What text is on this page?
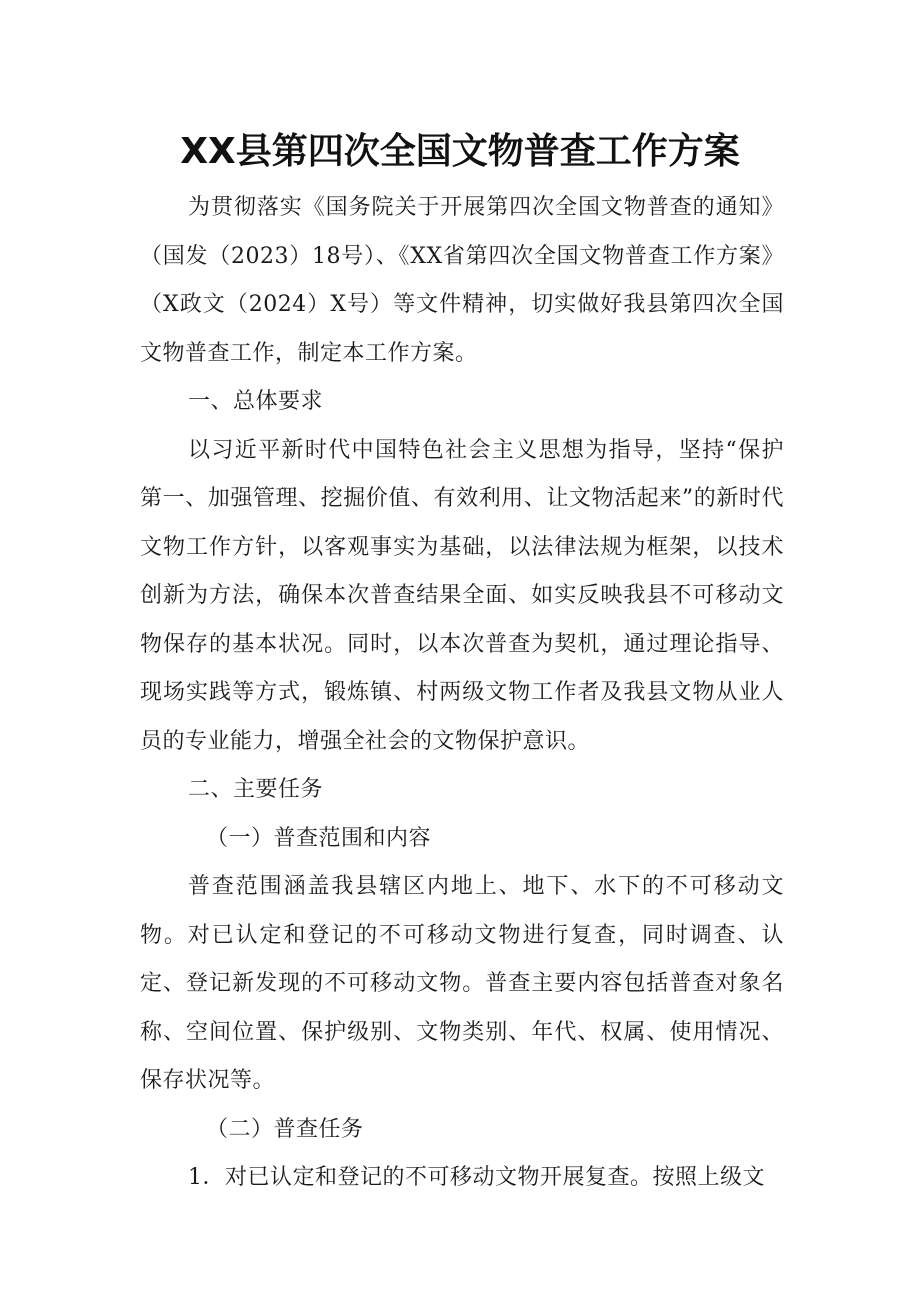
XX县第四次全国文物普查工作方案

为贯彻落实《国务院关于开展第四次全国文物普查的通知》（国发（2023）18号）、《XX省第四次全国文物普查工作方案》（X政文（2024）X号）等文件精神，切实做好我县第四次全国文物普查工作，制定本工作方案。

一、总体要求

以习近平新时代中国特色社会主义思想为指导，坚持“保护第一、加强管理、挖掘价值、有效利用、让文物活起来”的新时代文物工作方针，以客观事实为基础，以法律法规为框架，以技术创新为方法，确保本次普查结果全面、如实反映我县不可移动文物保存的基本状况。同时，以本次普查为契机，通过理论指导、现场实践等方式，锻炼镇、村两级文物工作者及我县文物从业人员的专业能力，增强全社会的文物保护意识。

二、主要任务

（一）普查范围和内容

普查范围涵盖我县辖区内地上、地下、水下的不可移动文物。对已认定和登记的不可移动文物进行复查，同时调查、认定、登记新发现的不可移动文物。普查主要内容包括普查对象名称、空间位置、保护级别、文物类别、年代、权属、使用情况、保存状况等。

（二）普查任务

1．对已认定和登记的不可移动文物开展复查。按照上级文
